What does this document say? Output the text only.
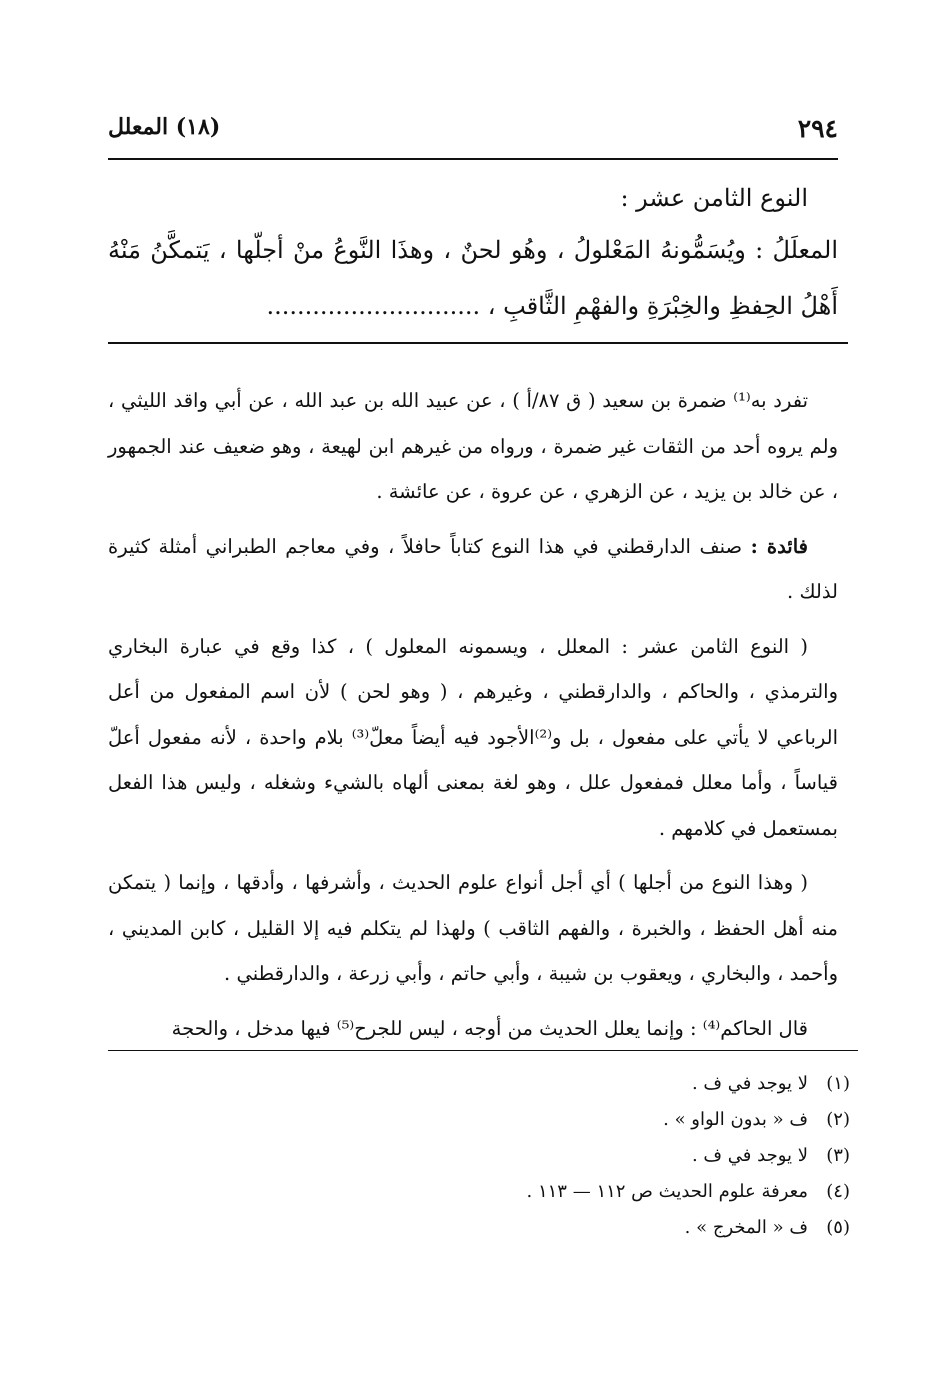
٢٩٤
(١٨) المعلل
النوع الثامن عشر :
المعلَلُ : ويُسَمُّونهُ المَعْلولُ ، وهُو لحنٌ ، وهذَا النَّوعُ منْ أجلّها ، يَتمكَّنُ مَنْهُ أَهْلُ الحِفظِ والخِبْرَةِ والفهْمِ الثَّاقبِ ، ............................

تفرد به⁽¹⁾ ضمرة بن سعيد ( ق ٨٧/أ ) ، عن عبيد الله بن عبد الله ، عن أبي واقد الليثي ، ولم يروه أحد من الثقات غير ضمرة ، ورواه من غيرهم ابن لهيعة ، وهو ضعيف عند الجمهور ، عن خالد بن يزيد ، عن الزهري ، عن عروة ، عن عائشة .

فائدة : صنف الدارقطني في هذا النوع كتاباً حافلاً ، وفي معاجم الطبراني أمثلة كثيرة لذلك .

( النوع الثامن عشر : المعلل ، ويسمونه المعلول ) ، كذا وقع في عبارة البخاري والترمذي ، والحاكم ، والدارقطني ، وغيرهم ، ( وهو لحن ) لأن اسم المفعول من أعل الرباعي لا يأتي على مفعول ، بل و⁽²⁾الأجود فيه أيضاً معلّ⁽³⁾ بلام واحدة ، لأنه مفعول أعلّ قياساً ، وأما معلل فمفعول علل ، وهو لغة بمعنى ألهاه بالشيء وشغله ، وليس هذا الفعل بمستعمل في كلامهم .

( وهذا النوع من أجلها ) أي أجل أنواع علوم الحديث ، وأشرفها ، وأدقها ، وإنما ( يتمكن منه أهل الحفظ ، والخبرة ، والفهم الثاقب ) ولهذا لم يتكلم فيه إلا القليل ، كابن المديني ، وأحمد ، والبخاري ، ويعقوب بن شيبة ، وأبي حاتم ، وأبي زرعة ، والدارقطني .

قال الحاكم⁽⁴⁾ : وإنما يعلل الحديث من أوجه ، ليس للجرح⁽⁵⁾ فيها مدخل ، والحجة

(١)
لا يوجد في ف .
(٢)
ف « بدون الواو » .
(٣)
لا يوجد في ف .
(٤)
معرفة علوم الحديث ص ١١٢ — ١١٣ .
(٥)
ف « المخرج » .
